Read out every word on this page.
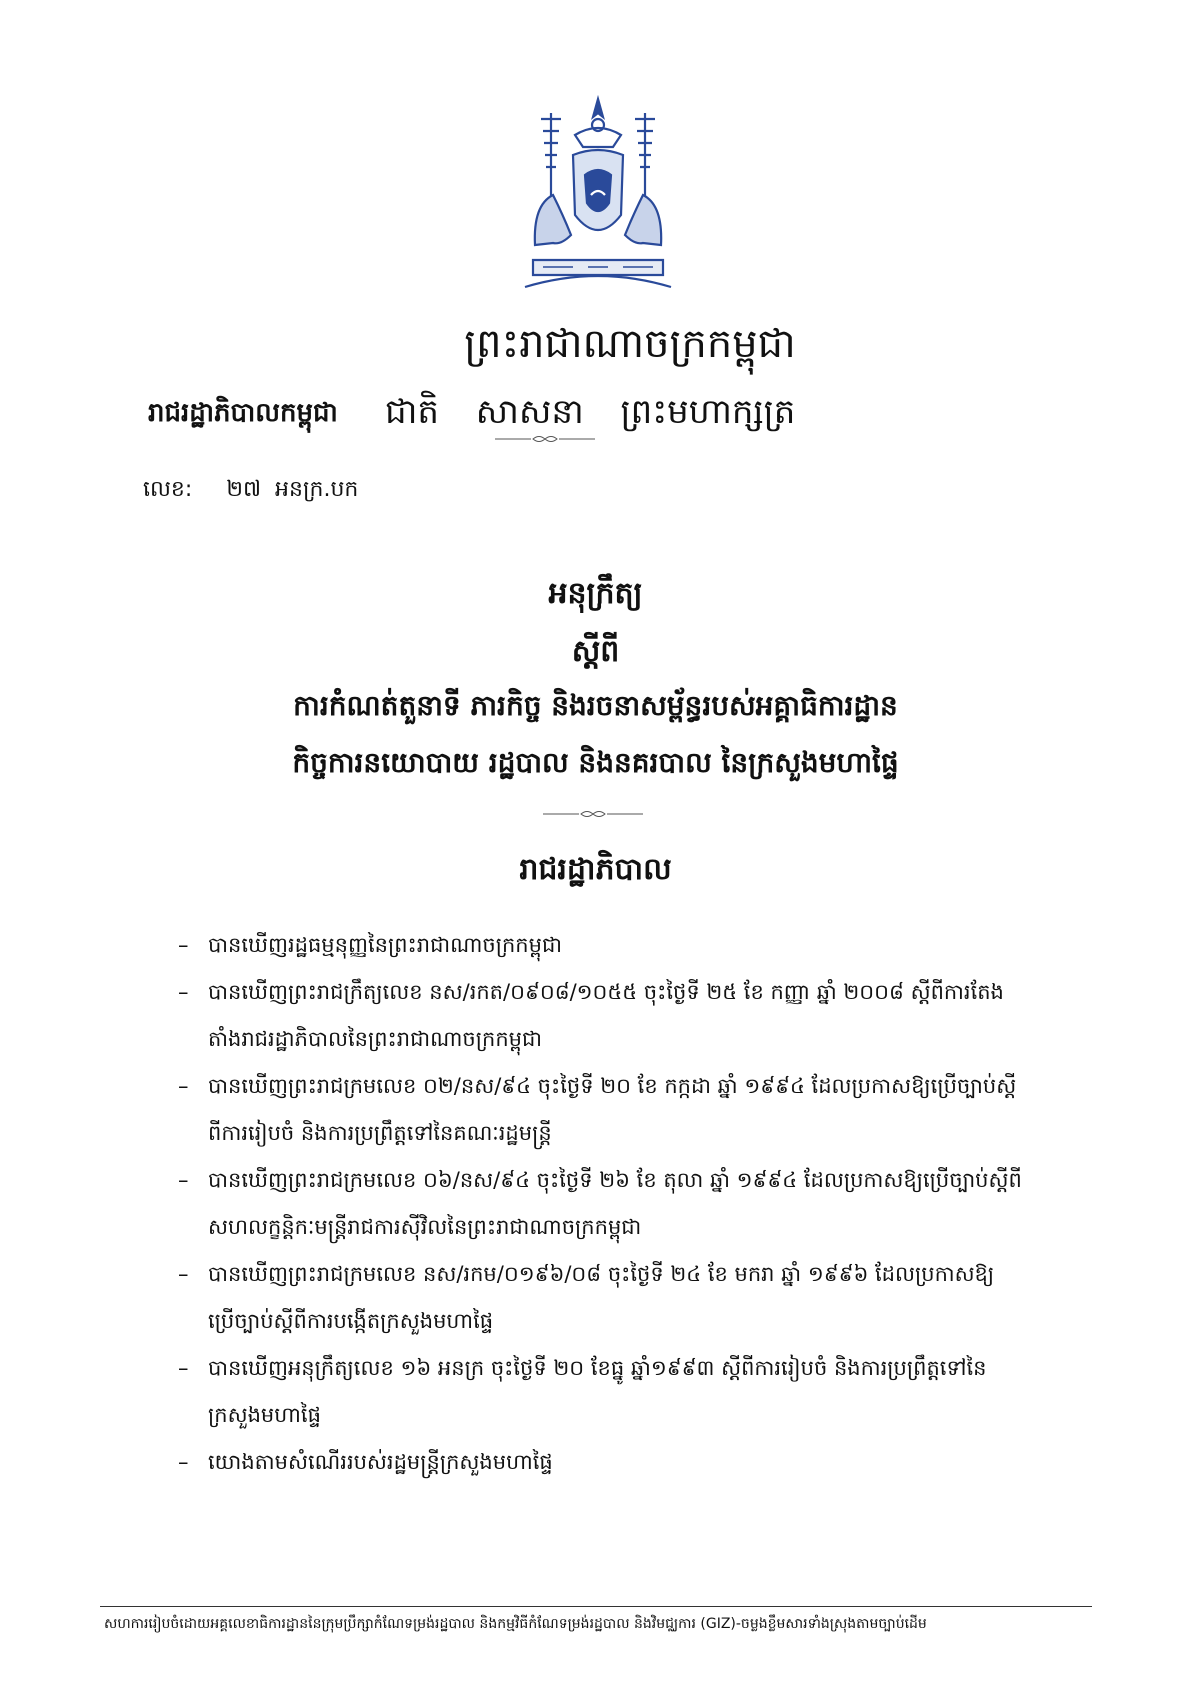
ព្រះរាជាណាចក្រកម្ពុជា
រាជរដ្ឋាភិបាលកម្ពុជា ជាតិ សាសនា ព្រះមហាក្សត្រ
លេខ: ២៧ អនក្រ.បក
អនុក្រឹត្យ
ស្តីពី
ការកំណត់តួនាទី ភារកិច្ច និងរចនាសម្ព័ន្ធរបស់អគ្គាធិការដ្ឋាន
កិច្ចការនយោបាយ រដ្ឋបាល និងនគរបាល នៃក្រសួងមហាផ្ទៃ
រាជរដ្ឋាភិបាល
– បានឃើញរដ្ឋធម្មនុញ្ញនៃព្រះរាជាណាចក្រកម្ពុជា
– បានឃើញព្រះរាជក្រឹត្យលេខ នស/រកត/០៩០៨/១០៥៥ ចុះថ្ងៃទី ២៥ ខែ កញ្ញា ឆ្នាំ ២០០៨ ស្តីពីការតែង
តាំងរាជរដ្ឋាភិបាលនៃព្រះរាជាណាចក្រកម្ពុជា
– បានឃើញព្រះរាជក្រមលេខ ០២/នស/៩៤ ចុះថ្ងៃទី ២០ ខែ កក្កដា ឆ្នាំ ១៩៩៤ ដែលប្រកាសឱ្យប្រើច្បាប់ស្តី
ពីការរៀបចំ និងការប្រព្រឹត្តទៅនៃគណៈរដ្ឋមន្ត្រី
– បានឃើញព្រះរាជក្រមលេខ ០៦/នស/៩៤ ចុះថ្ងៃទី ២៦ ខែ តុលា ឆ្នាំ ១៩៩៤ ដែលប្រកាសឱ្យប្រើច្បាប់ស្តីពី
សហលក្ខន្តិកៈមន្ត្រីរាជការស៊ីវិលនៃព្រះរាជាណាចក្រកម្ពុជា
– បានឃើញព្រះរាជក្រមលេខ នស/រកម/០១៩៦/០៨ ចុះថ្ងៃទី ២៤ ខែ មករា ឆ្នាំ ១៩៩៦ ដែលប្រកាសឱ្យ
ប្រើច្បាប់ស្តីពីការបង្កើតក្រសួងមហាផ្ទៃ
– បានឃើញអនុក្រឹត្យលេខ ១៦ អនក្រ ចុះថ្ងៃទី ២០ ខែធ្នូ ឆ្នាំ១៩៩៣ ស្តីពីការរៀបចំ និងការប្រព្រឹត្តទៅនៃ
ក្រសួងមហាផ្ទៃ
– យោងតាមសំណើររបស់រដ្ឋមន្ត្រីក្រសួងមហាផ្ទៃ
សហការរៀបចំដោយអគ្គលេខាធិការដ្ឋាននៃក្រុមប្រឹក្សាកំណែទម្រង់រដ្ឋបាល និងកម្មវិធីកំណែទម្រង់រដ្ឋបាល និងវិមជ្ឈការ (GIZ)-ចម្លងខ្លឹមសារទាំងស្រុងតាមច្បាប់ដើម
